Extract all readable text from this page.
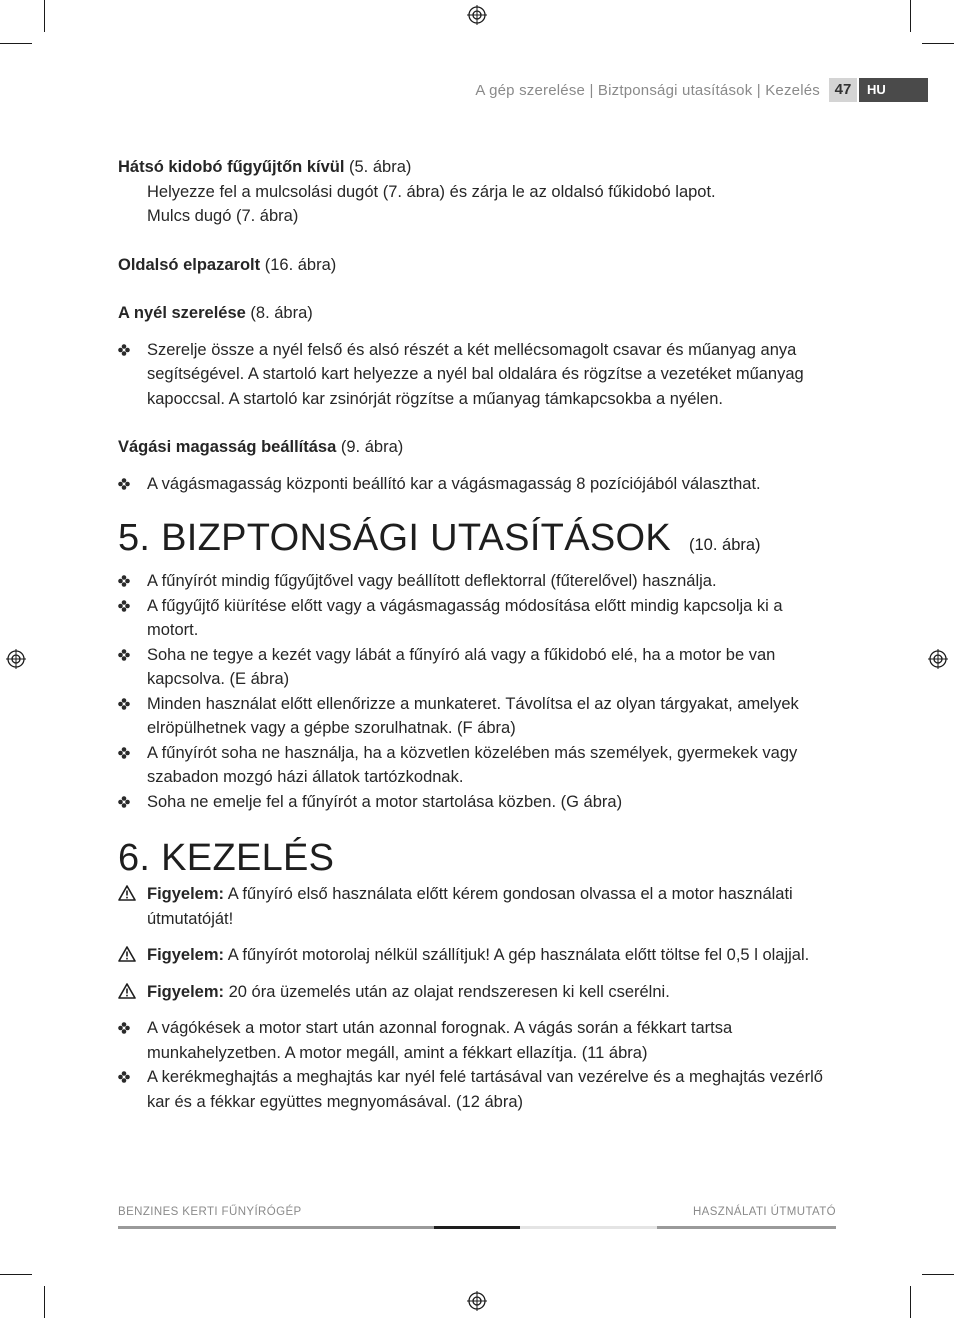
A gép szerelése | Biztponsági utasítások | Kezelés 47	HU

Hátsó kidobó fűgyűjtőn kívül (5. ábra)

Helyezze fel a mulcsolási dugót (7. ábra) és zárja le az oldalsó fűkidobó lapot.

Mulcs dugó (7. ábra)

Oldalsó elpazarolt (16. ábra)

A nyél szerelése (8. ábra)

Szerelje össze a nyél felső és alsó részét a két mellécsomagolt csavar és műanyag anya segítségével. A startoló kart helyezze a nyél bal oldalára és rögzítse a vezetéket műanyag kapoccsal. A startoló kar zsinórját rögzítse a műanyag támkapcsokba a nyélen.

Vágási magasság beállítása (9. ábra)

A vágásmagasság központi beállító kar a vágásmagasság 8 pozíciójából választhat.
5. BIZPTONSÁGI UTASÍTÁSOK (10. ábra)
A fűnyírót mindig fűgyűjtővel vagy beállított deflektorral (fűterelővel) használja.
A fűgyűjtő kiürítése előtt vagy a vágásmagasság módosítása előtt mindig kapcsolja ki a motort.
Soha ne tegye a kezét vagy lábát a fűnyíró alá vagy a fűkidobó elé, ha a motor be van kapcsolva. (E ábra)
Minden használat előtt ellenőrizze a munkateret. Távolítsa el az olyan tárgyakat, amelyek elröpülhetnek vagy a gépbe szorulhatnak. (F ábra)
A fűnyírót soha ne használja, ha a közvetlen közelében más személyek, gyermekek vagy szabadon mozgó házi állatok tartózkodnak.
Soha ne emelje fel a fűnyírót a motor startolása közben. (G ábra)
6. KEZELÉS
Figyelem: A fűnyíró első használata előtt kérem gondosan olvassa el a motor használati útmutatóját!
Figyelem: A fűnyírót motorolaj nélkül szállítjuk! A gép használata előtt töltse fel 0,5 l olajjal.
Figyelem: 20 óra üzemelés után az olajat rendszeresen ki kell cserélni.
A vágókések a motor start után azonnal forognak. A vágás során a fékkart tartsa munkahelyzetben. A motor megáll, amint a fékkart ellazítja. (11 ábra)
A kerékmeghajtás a meghajtás kar nyél felé tartásával van vezérelve és a meghajtás vezérlő kar és a fékkar együttes megnyomásával. (12 ábra)
BENZINES KERTI FŰNYÍRÓGÉP	HASZNÁLATI ÚTMUTATÓ
